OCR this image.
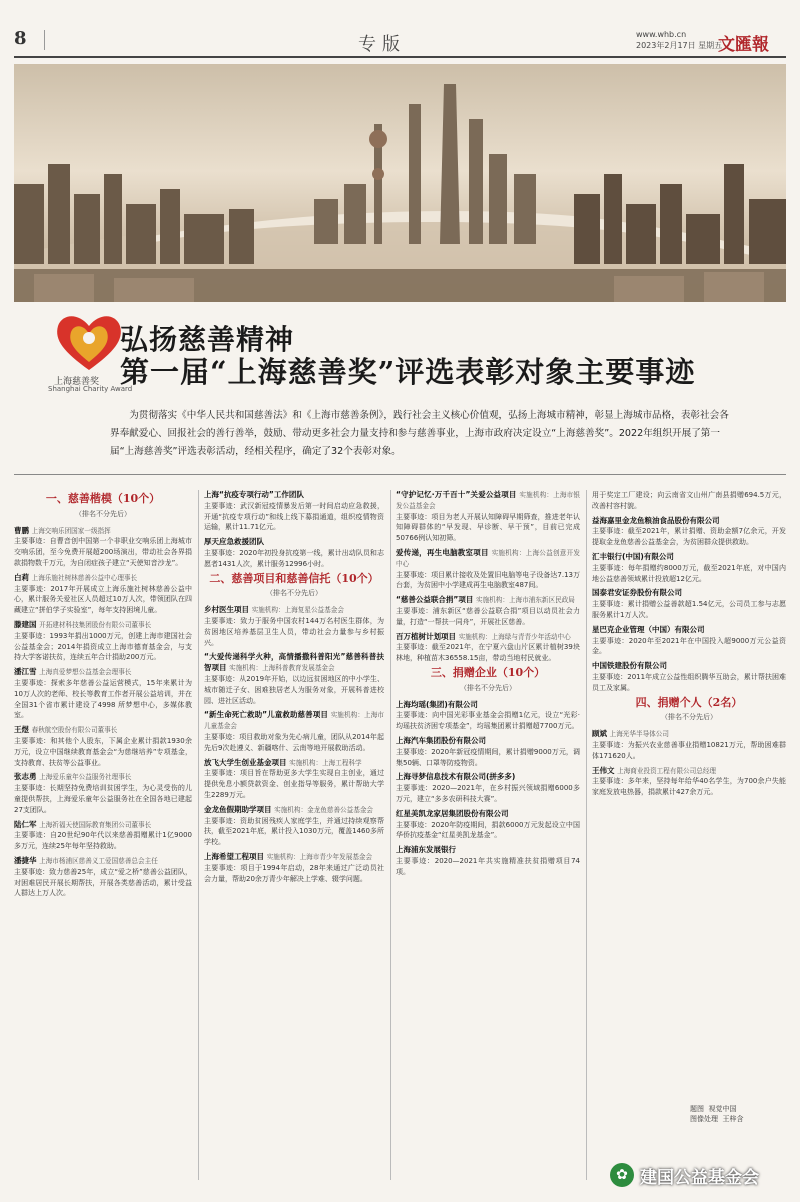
8	专版	www.whb.cn
2023年2月17日 星期五
文匯報
上海慈善奖
Shanghai Charity Award
弘扬慈善精神
第一届“上海慈善奖”评选表彰对象主要事迹
为贯彻落实《中华人民共和国慈善法》和《上海市慈善条例》，践行社会主义核心价值观，弘扬上海城市精神，彰显上海城市品格，表彰社会各界奉献爱心、回报社会的善行善举，鼓励、带动更多社会力量支持和参与慈善事业，上海市政府决定设立“上海慈善奖”。2022年组织开展了第一届“上海慈善奖”评选表彰活动，经相关程序，确定了32个表彰对象。
一、慈善楷模（10个）
（排名不分先后）

曹鹏 上海交响乐团国家一级指挥
主要事迹：自曹音创中国第一个非职业交响乐团上海城市交响乐团，至今免费开展超200场演出，带动社会各界捐款捐物数千万元，为自闭症孩子建立“天使知音沙龙”。

白莉 上海乐施社树林慈善公益中心理事长
主要事迹：2017年开展成立上海乐施社树林慈善公益中心，累计服务关爱社区人员超过10万人次，带领团队在四藏建立“拼伯学子实验室”，每年支持困境儿童。

滕建国 开拓建材科技集团股份有限公司董事长
主要事迹：1993年捐出1000万元，创建上海市建国社会公益基金会；2014年捐资成立上海市德育基金会，与支持大学客诺扶贫，连续五年合计捐助200万元。

潘江雪 上海真爱梦想公益基金会理事长
主要事迹：探索多年慈善公益运营模式，15年来累计为10万人次的老师、校长等教育工作者开展公益培训，并在全国31个省市累计建设了4998 所梦想中心，多媒体教室。

王煜 春秋航空股份有限公司董事长
主要事迹：和其他个人股东，下属企业累计捐款1930余万元，设立中国继续教育基金会“为慈继培养”专项基金，支持教育、扶贫等公益事业。

张志勇 上海爱乐童年公益服务社理事长
主要事迹：长期坚持免费培训贫困学生，为心灵受伤的儿童提供帮扶，上海爱乐童年公益服务社在全国各地已建起27支团队。

陆仁军 上海祈福天使国际教育集团公司董事长
主要事迹：自20世纪90年代以来慈善捐赠累计1亿9000多万元，连续25年每年坚持救助。

潘捷华 上海市杨浦区慈善义工爱国慈善总会主任
主要事迹：致力慈善25年，成立“爱之桥”慈善公益团队，对困难居民开展长期帮扶，开展各类慈善活动，累计受益人群达上万人次。

上海“抗疫专项行动”工作团队
主要事迹：武汉新冠疫情暴发后第一时间启动应急救援，开通“抗疫专项行动”和线上线下募捐通道，组织疫情物资运输，累计11.71亿元。

厚天应急救援团队
主要事迹：2020年初投身抗疫第一线，累计出动队员和志愿者1431人次，累计服务12996小时。

二、慈善项目和慈善信托（10个）
（排名不分先后）

乡村医生项目 实施机构：上海复星公益基金会
主要事迹：致力于服务中国农村144万名村医生群体，为贫困地区培养基层卫生人员，带动社会力量参与乡村振兴。

“大爱传递科学火种，高情播撒科普阳光”慈善科普扶智项目 实施机构：上海科普教育发展基金会
主要事迹：从2019年开始，以边远贫困地区的中小学生、城市随迁子女、困难独居老人为服务对象，开展科普进校园、进社区活动。

“新生命死亡救助”儿童救助慈善项目 实施机构：上海市儿童基金会
主要事迹：项目救助对象为先心病儿童，团队从2014年起先后9次赴遵义、新疆喀什、云南等地开展救助活动。

放飞大学生创业基金项目 实施机构：上海工程科学
主要事迹：项目旨在帮助更多大学生实现自主创业，通过提供免息小额贷款资金、创业指导等服务，累计帮助大学生2289万元。

金龙鱼假期助学项目 实施机构：金龙鱼慈善公益基金会
主要事迹：资助贫困残疾人家庭学生，并通过持续观察帮扶，截至2021年底，累计投入1030万元，覆盖1460多所学校。

上海希望工程项目 实施机构：上海市青少年发展基金会
主要事迹：项目于1994年启动，28年来通过广泛动员社会力量，帮助20余万青少年解决上学难、辍学问题。

“守护记忆·万千百十”关爱公益项目 实施机构：上海市银发公益基金会
主要事迹：项目为老人开展认知障碍早期筛查，推进老年认知障碍群体的“早发现、早诊断、早干预”，目前已完成50766例认知初筛。

爱传递，再生电脑教室项目 实施机构：上海公益创意开发中心
主要事迹：项目累计接收及处置旧电脑等电子设备达7.13万台套，为贫困中小学建成再生电脑教室487间。

“慈善公益联合捐”项目 实施机构：上海市浦东新区民政局
主要事迹：浦东新区“慈善公益联合捐”项目以动员社会力量，打造“一帮扶一同舟”，开展社区慈善。

百万植树计划项目 实施机构：上海绿与青青少年活动中心
主要事迹：截至2021年，在宁夏六盘山片区累计植树39块林地，种植苗木36558.15亩，带动当地村民就业。

三、捐赠企业（10个）
（排名不分先后）

上海均瑶(集团)有限公司
主要事迹：向中国光彩事业基金会捐赠1亿元，设立“光彩·均瑶扶贫济困专项基金”，均瑶集团累计捐赠超7700万元。

上海汽车集团股份有限公司
主要事迹：2020年新冠疫情期间，累计捐赠9000万元，调集50辆、口罩等防疫物资。

上海寻梦信息技术有限公司(拼多多)
主要事迹：2020—2021年，在乡村振兴领域捐赠6000多万元，建立“多多农研科技大赛”。

红星美凯龙家居集团股份有限公司
主要事迹：2020年防疫期间，捐款6000万元发起设立中国华侨抗疫基金“红星美凯龙基金”。

上海浦东发展银行
主要事迹：2020—2021年共实施精准扶贫捐赠项目74项。

用于奖定工厂建设；向云南省文山州广南县捐赠694.5万元，改善村容村貌。

益海嘉里金龙鱼粮油食品股份有限公司
主要事迹：截至2021年，累计捐赠、资助金额7亿余元，开发提取金龙鱼慈善公益基金会，为贫困群众提供救助。

汇丰银行(中国)有限公司
主要事迹：每年捐赠约8000万元，截至2021年底，对中国内地公益慈善领域累计投放超12亿元。

国泰君安证券股份有限公司
主要事迹：累计捐赠公益善款超1.54亿元，公司员工参与志愿服务累计1万人次。

星巴克企业管理（中国）有限公司
主要事迹：2020年至2021年在中国投入超9000万元公益资金。

中国铁建股份有限公司
主要事迹：2011年成立公益性组织腾华互助会，累计帮扶困难员工及家属。

四、捐赠个人（2名）
（排名不分先后）

顾斌 上海光华半导体公司
主要事迹：为振兴农业慈善事业捐赠10821万元，帮助困难群体171620人。

王伟文 上海商业投资工程有限公司总经理
主要事迹：多年来，坚持每年给华40名学生，为700余户失能家庭发放电热器，捐款累计427余万元。

题图 视觉中国
图像处理 王梓含
✿ 建国公益基金会
